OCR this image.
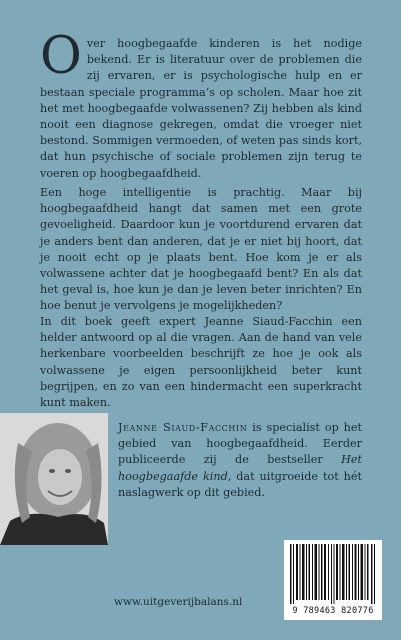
Over hoogbegaafde kinderen is het nodige bekend. Er is literatuur over de problemen die zij ervaren, er is psychologische hulp en er bestaan speciale programma’s op scholen. Maar hoe zit het met hoogbegaafde volwassenen? Zij hebben als kind nooit een diagnose gekregen, omdat die vroeger niet bestond. Sommigen vermoeden, of weten pas sinds kort, dat hun psychische of sociale problemen zijn terug te voeren op hoogbegaafdheid.

Een hoge intelligentie is prachtig. Maar bij hoogbegaafdheid hangt dat samen met een grote gevoeligheid. Daardoor kun je voortdurend ervaren dat je anders bent dan anderen, dat je er niet bij hoort, dat je nooit echt op je plaats bent. Hoe kom je er als volwassene achter dat je hoogbegaafd bent? En als dat het geval is, hoe kun je dan je leven beter inrichten? En hoe benut je vervolgens je mogelijkheden?

In dit boek geeft expert Jeanne Siaud-Facchin een helder antwoord op al die vragen. Aan de hand van vele herkenbare voorbeelden beschrijft ze hoe je ook als volwassene je eigen persoonlijkheid beter kunt begrijpen, en zo van een hindermacht een superkracht kunt maken.

Jeanne Siaud-Facchin is specialist op het gebied van hoogbegaafdheid. Eerder publiceerde zij de bestseller Het hoogbegaafde kind, dat uitgroeide tot hét naslagwerk op dit gebied.

www.uitgeverijbalans.nl
9 789463 820776
